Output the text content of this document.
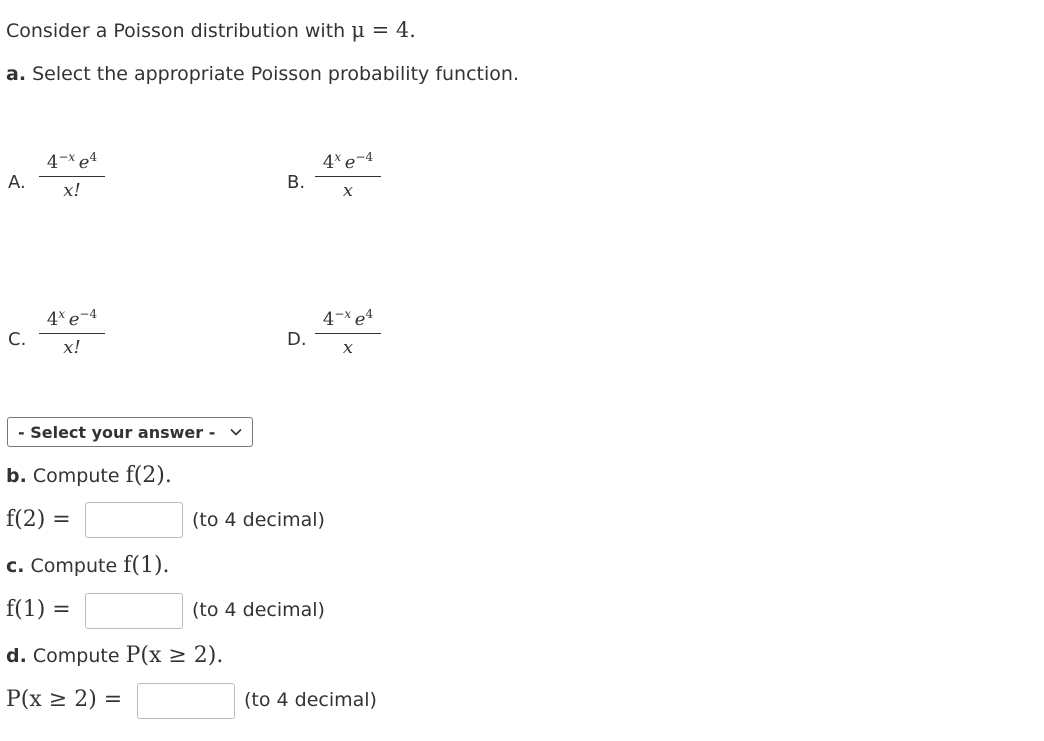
Consider a Poisson distribution with μ = 4.
a. Select the appropriate Poisson probability function.
A.
$4^{-x}$  $e^4$
x!	B.
4$^x$  $e^{-4}$
x
C.
4$^x$  $e^{-4}$
x!	D.
$4^{-x}$  $e^4$
x
- Select your answer -
b. Compute f(2).
f(2) =	(to 4 decimal)
c. Compute f(1).
f(1) =	(to 4 decimal)
d. Compute P(x ≥ 2).
P(x ≥ 2) =	(to 4 decimal)
